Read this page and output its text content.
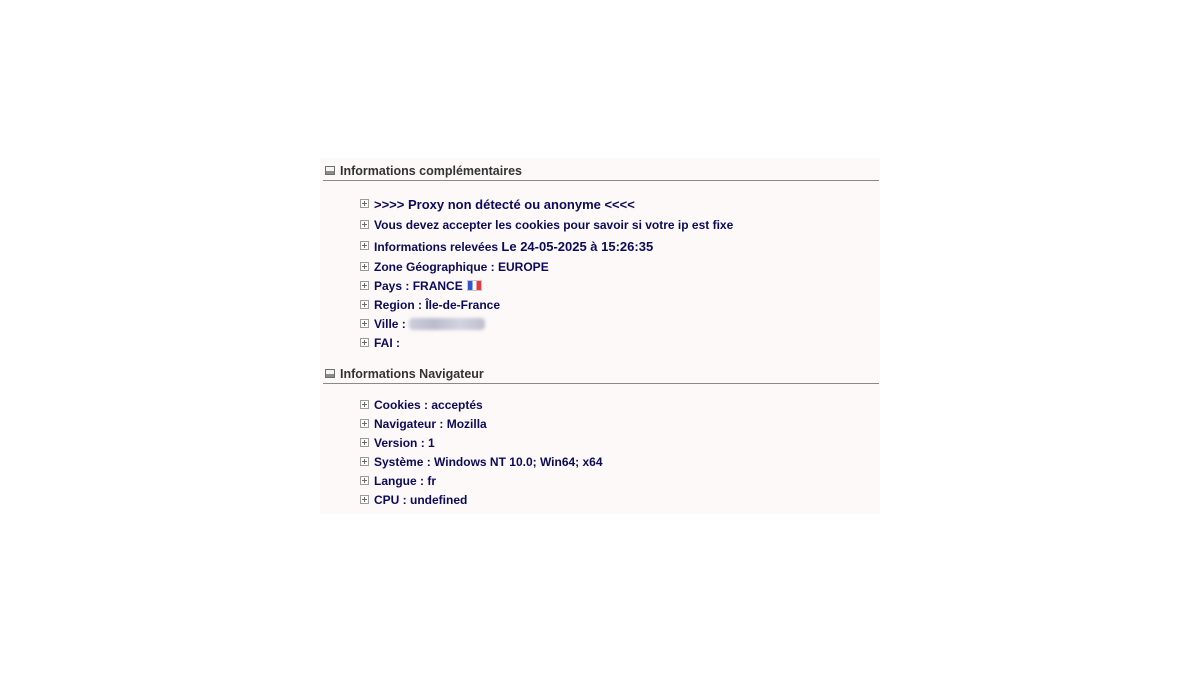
Informations complémentaires
>>>> Proxy non détecté ou anonyme <<<<
Vous devez accepter les cookies pour savoir si votre ip est fixe
Informations relevées Le 24-05-2025 à 15:26:35
Zone Géographique : EUROPE
Pays : FRANCE
Region : Île-de-France
Ville :
FAI :
Informations Navigateur
Cookies : acceptés
Navigateur : Mozilla
Version : 1
Système : Windows NT 10.0; Win64; x64
Langue : fr
CPU : undefined
